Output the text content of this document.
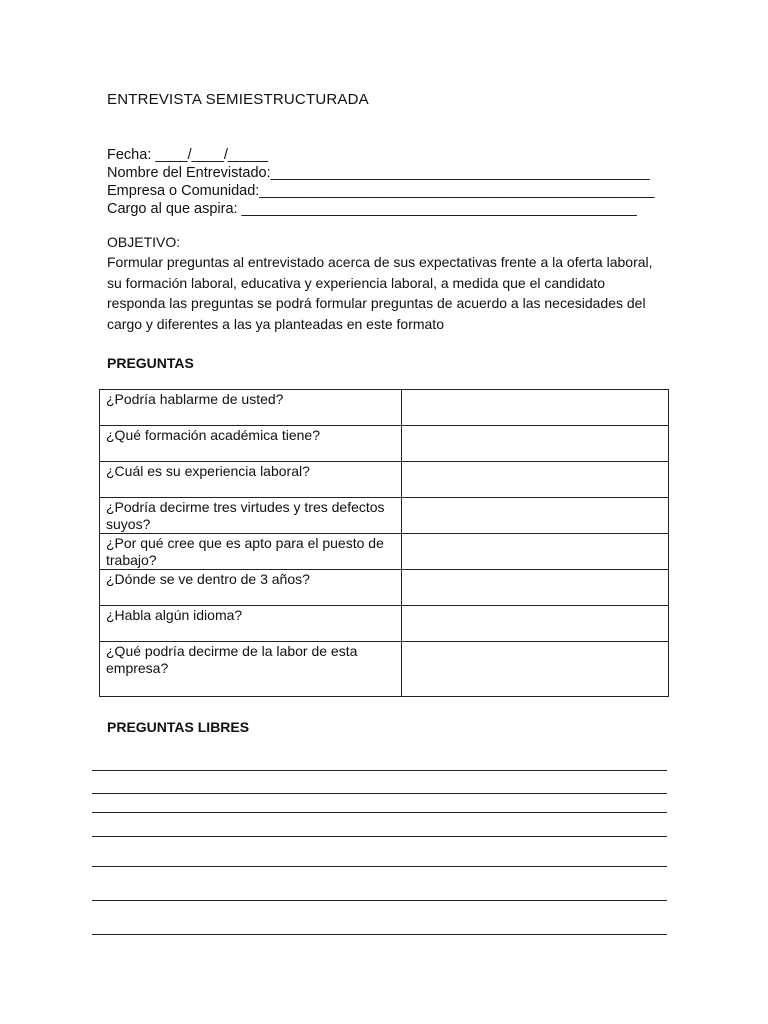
ENTREVISTA SEMIESTRUCTURADA
Fecha: ____/____/_____
Nombre del Entrevistado:_______________________________________________
Empresa o Comunidad:_________________________________________________
Cargo al que aspira: _________________________________________________
OBJETIVO:
Formular preguntas al entrevistado acerca de sus expectativas frente a la oferta laboral, su formación laboral, educativa y experiencia laboral, a medida que el candidato responda las preguntas se podrá formular preguntas de acuerdo a las necesidades del cargo y diferentes a las ya planteadas en este formato
PREGUNTAS
¿Podría hablarme de usted?	
¿Qué formación académica tiene?	
¿Cuál es su experiencia laboral?	
¿Podría decirme tres virtudes y tres defectos suyos?	
¿Por qué cree que es apto para el puesto de trabajo?	
¿Dónde se ve dentro de 3 años?	
¿Habla algún idioma?	
¿Qué podría decirme de la labor de esta empresa?	
PREGUNTAS LIBRES
